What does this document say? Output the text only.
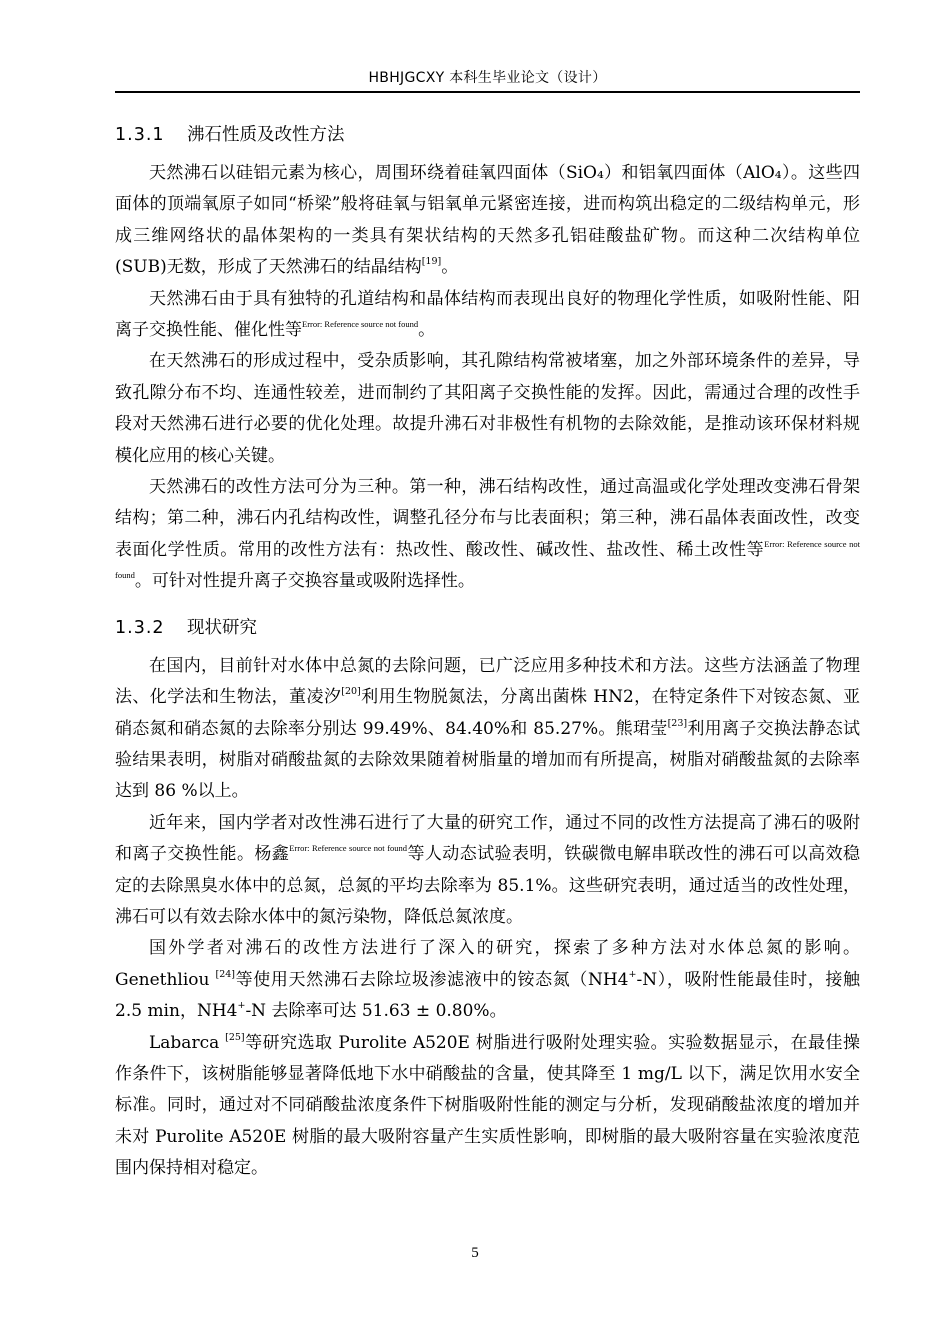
HBHJGCXY 本科生毕业论文（设计）
1.3.1 沸石性质及改性方法

天然沸石以硅铝元素为核心，周围环绕着硅氧四面体（SiO₄）和铝氧四面体（AlO₄）。这些四面体的顶端氧原子如同“桥梁”般将硅氧与铝氧单元紧密连接，进而构筑出稳定的二级结构单元，形成三维网络状的晶体架构的一类具有架状结构的天然多孔铝硅酸盐矿物。而这种二次结构单位(SUB)无数，形成了天然沸石的结晶结构[19]。

天然沸石由于具有独特的孔道结构和晶体结构而表现出良好的物理化学性质，如吸附性能、阳离子交换性能、催化性等$^{Error: Reference source not found}$。

在天然沸石的形成过程中，受杂质影响，其孔隙结构常被堵塞，加之外部环境条件的差异，导致孔隙分布不均、连通性较差，进而制约了其阳离子交换性能的发挥。因此，需通过合理的改性手段对天然沸石进行必要的优化处理。故提升沸石对非极性有机物的去除效能，是推动该环保材料规模化应用的核心关键。

天然沸石的改性方法可分为三种。第一种，沸石结构改性，通过高温或化学处理改变沸石骨架结构；第二种，沸石内孔结构改性，调整孔径分布与比表面积；第三种，沸石晶体表面改性，改变表面化学性质。常用的改性方法有：热改性、酸改性、碱改性、盐改性、稀土改性等$^{Error: Reference source not found}$。可针对性提升离子交换容量或吸附选择性。

1.3.2 现状研究

在国内，目前针对水体中总氮的去除问题，已广泛应用多种技术和方法。这些方法涵盖了物理法、化学法和生物法，董凌汐[20]利用生物脱氮法，分离出菌株 HN2，在特定条件下对铵态氮、亚硝态氮和硝态氮的去除率分别达 99.49%、84.40%和 85.27%。熊珺莹[23]利用离子交换法静态试验结果表明，树脂对硝酸盐氮的去除效果随着树脂量的增加而有所提高，树脂对硝酸盐氮的去除率达到 86 %以上。

近年来，国内学者对改性沸石进行了大量的研究工作，通过不同的改性方法提高了沸石的吸附和离子交换性能。杨鑫$^{Error: Reference source not found}$等人动态试验表明，铁碳微电解串联改性的沸石可以高效稳定的去除黑臭水体中的总氮，总氮的平均去除率为 85.1%。这些研究表明，通过适当的改性处理，沸石可以有效去除水体中的氮污染物，降低总氮浓度。

国外学者对沸石的改性方法进行了深入的研究，探索了多种方法对水体总氮的影响。Genethliou [24]等使用天然沸石去除垃圾渗滤液中的铵态氮（NH4+-N），吸附性能最佳时，接触 2.5 min，NH4+-N 去除率可达 51.63 ± 0.80%。

Labarca [25]等研究选取 Purolite A520E 树脂进行吸附处理实验。实验数据显示，在最佳操作条件下，该树脂能够显著降低地下水中硝酸盐的含量，使其降至 1 mg/L 以下，满足饮用水安全标准。同时，通过对不同硝酸盐浓度条件下树脂吸附性能的测定与分析，发现硝酸盐浓度的增加并未对 Purolite A520E 树脂的最大吸附容量产生实质性影响，即树脂的最大吸附容量在实验浓度范围内保持相对稳定。

5
